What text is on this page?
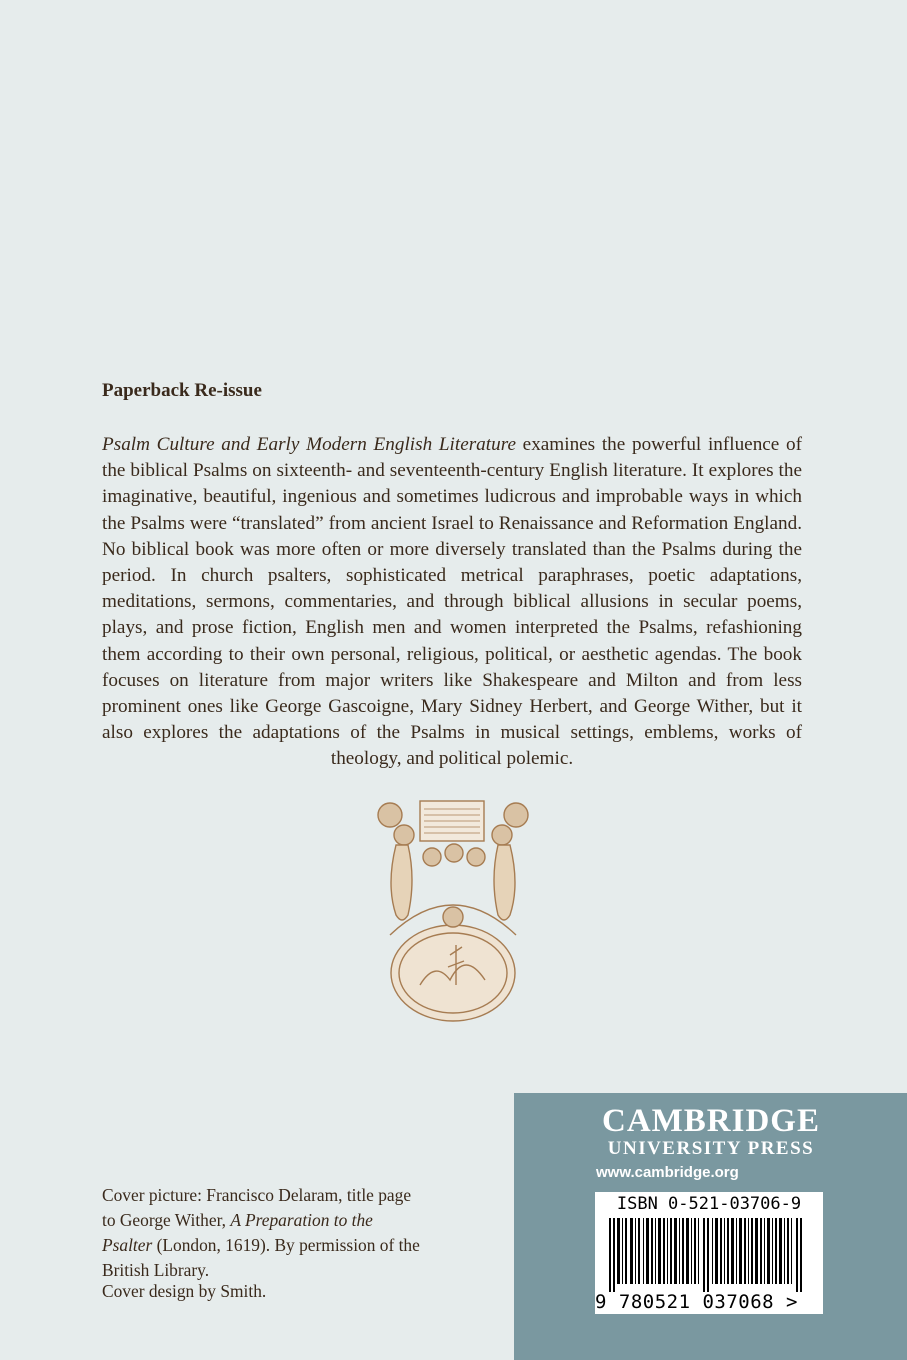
Paperback Re-issue
Psalm Culture and Early Modern English Literature examines the powerful influence of the biblical Psalms on sixteenth- and seventeenth-century English literature. It explores the imaginative, beautiful, ingenious and sometimes ludicrous and improbable ways in which the Psalms were “translated” from ancient Israel to Renaissance and Reformation England. No biblical book was more often or more diversely translated than the Psalms during the period. In church psalters, sophisticated metrical paraphrases, poetic adaptations, meditations, sermons, commentaries, and through biblical allusions in secular poems, plays, and prose fiction, English men and women interpreted the Psalms, refashioning them according to their own personal, religious, political, or aesthetic agendas. The book focuses on literature from major writers like Shakespeare and Milton and from less prominent ones like George Gascoigne, Mary Sidney Herbert, and George Wither, but it also explores the adaptations of the Psalms in musical settings, emblems, works of theology, and political polemic.
Cover picture: Francisco Delaram, title page to George Wither, A Preparation to the Psalter (London, 1619). By permission of the British Library.
Cover design by Smith.
CAMBRIDGE
UNIVERSITY PRESS
www.cambridge.org
ISBN 0-521-03706-9
9 780521 037068 >
